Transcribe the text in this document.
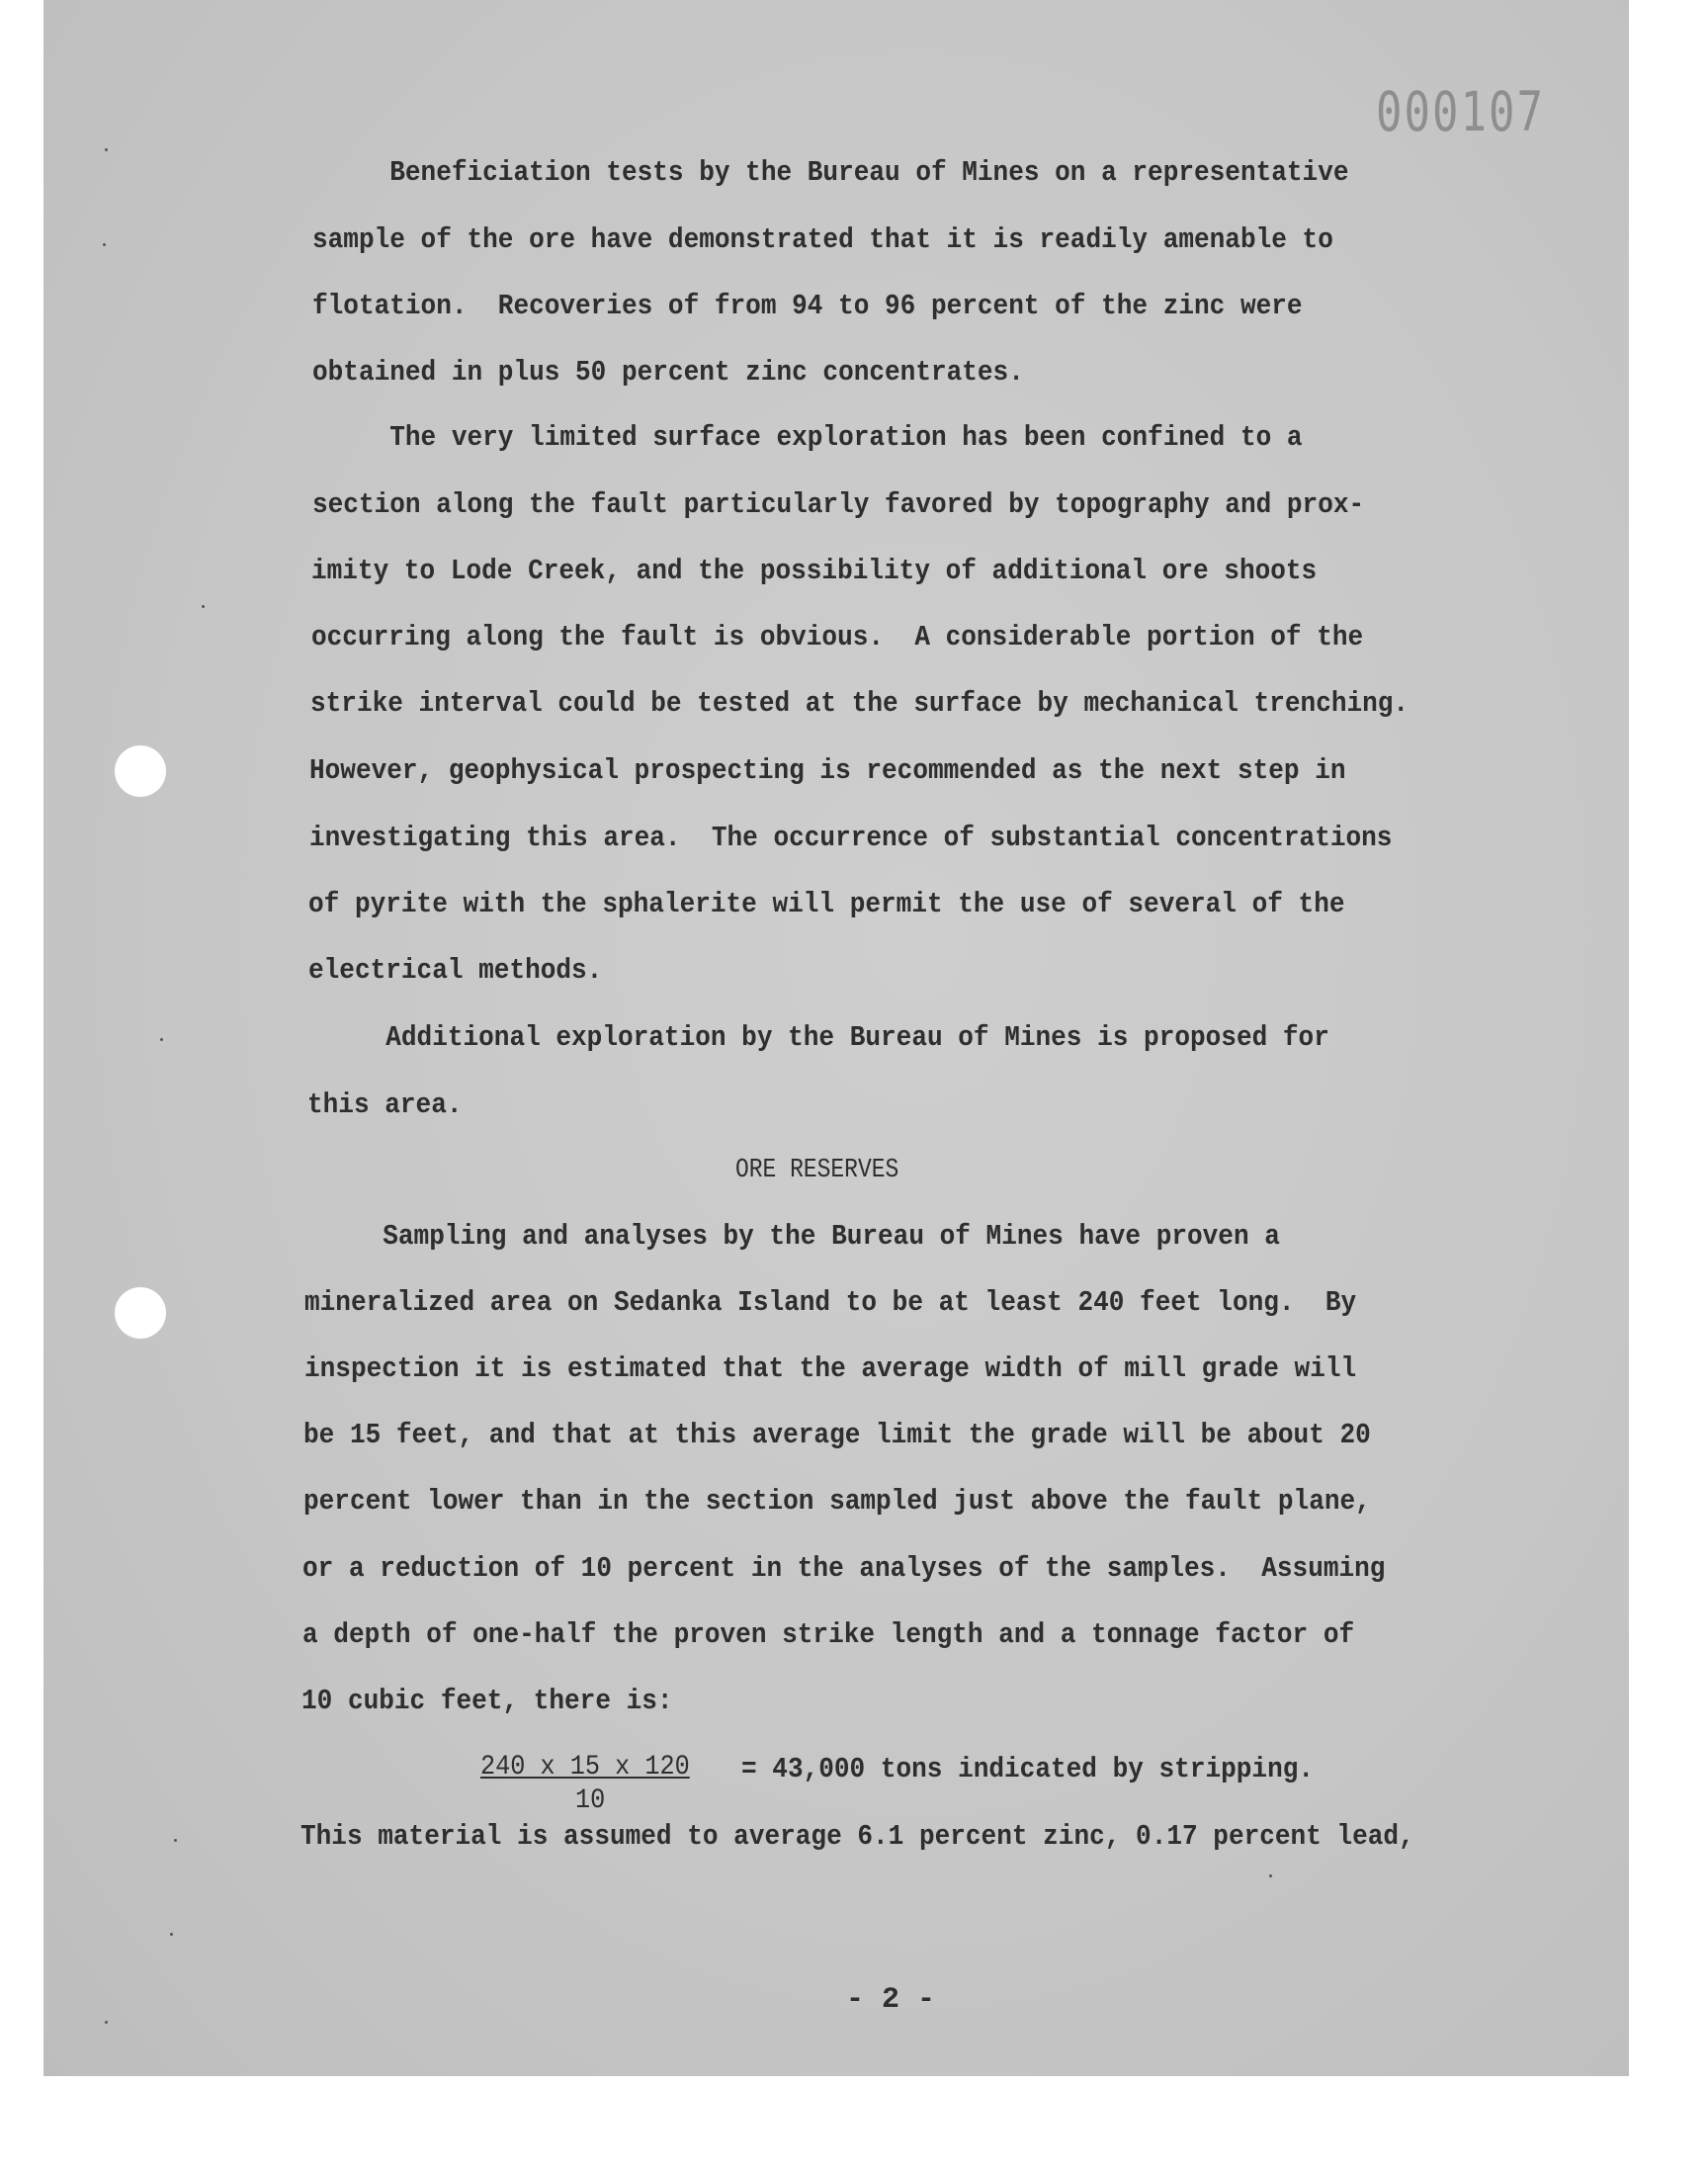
000107
Beneficiation tests by the Bureau of Mines on a representative
sample of the ore have demonstrated that it is readily amenable to
flotation.  Recoveries of from 94 to 96 percent of the zinc were
obtained in plus 50 percent zinc concentrates.
The very limited surface exploration has been confined to a
section along the fault particularly favored by topography and prox-
imity to Lode Creek, and the possibility of additional ore shoots
occurring along the fault is obvious.  A considerable portion of the
strike interval could be tested at the surface by mechanical trenching.
However, geophysical prospecting is recommended as the next step in
investigating this area.  The occurrence of substantial concentrations
of pyrite with the sphalerite will permit the use of several of the
electrical methods.
Additional exploration by the Bureau of Mines is proposed for
this area.
ORE RESERVES
Sampling and analyses by the Bureau of Mines have proven a
mineralized area on Sedanka Island to be at least 240 feet long.  By
inspection it is estimated that the average width of mill grade will
be 15 feet, and that at this average limit the grade will be about 20
percent lower than in the section sampled just above the fault plane,
or a reduction of 10 percent in the analyses of the samples.  Assuming
a depth of one-half the proven strike length and a tonnage factor of
10 cubic feet, there is:
240 x 15 x 120
10
= 43,000 tons indicated by stripping.
This material is assumed to average 6.1 percent zinc, 0.17 percent lead,
- 2 -
